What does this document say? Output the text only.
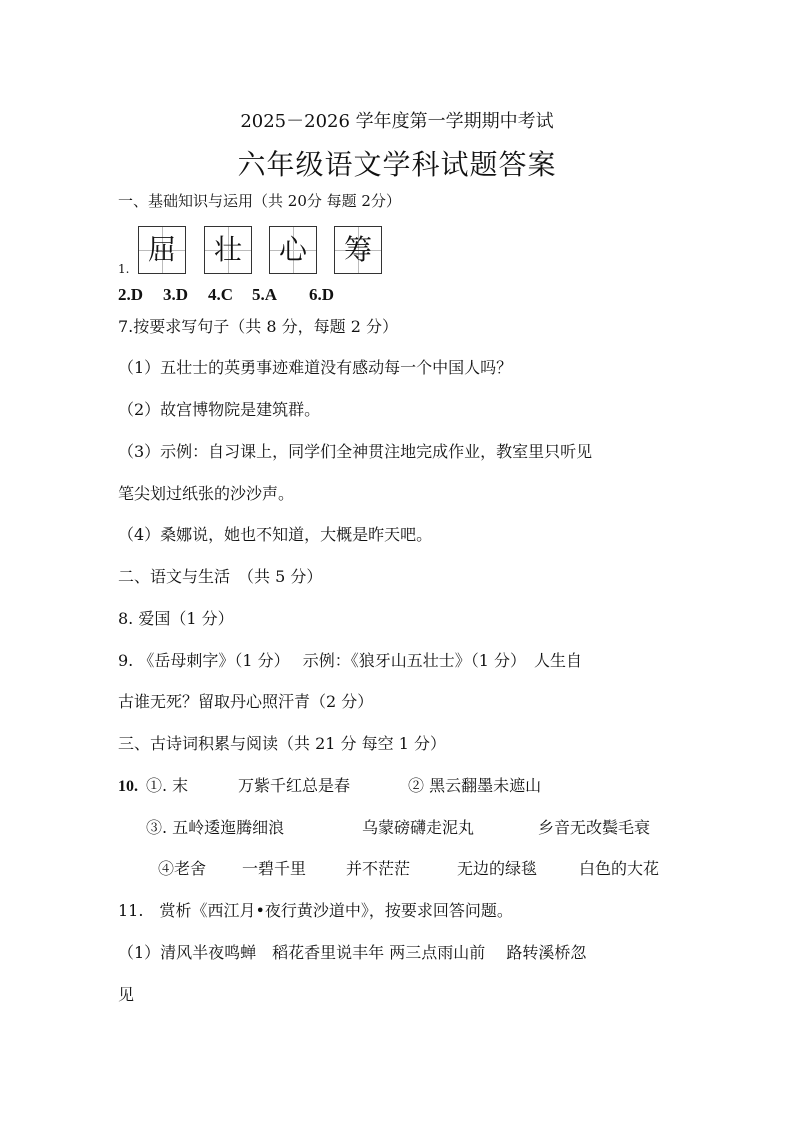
2025－2026 学年度第一学期期中考试
六年级语文学科试题答案
一、基础知识与运用（共 20分 每题 2分）
1.
屈 壮 心 筹
2.D 3.D 4.C 5.A 6.D
7.按要求写句子（共 8 分，每题 2 分）
（1）五壮士的英勇事迹难道没有感动每一个中国人吗？
（2）故宫博物院是建筑群。
（3）示例：自习课上，同学们全神贯注地完成作业，教室里只听见
笔尖划过纸张的沙沙声。
（4）桑娜说，她也不知道，大概是昨天吧。
二、语文与生活　（共 5 分）
8. 爱国（1 分）
9. 《岳母刺字》（1 分）　 示例：《狼牙山五壮士》（1 分）　人生自
古谁无死？留取丹心照汗青（2 分）
三、古诗词积累与阅读（共 21 分 每空 1 分）
10. ①. 末	万紫千红总是春	② 黑云翻墨未遮山
③. 五岭逶迤腾细浪	乌蒙磅礴走泥丸	乡音无改鬓毛衰
④老舍 一碧千里 并不茫茫	无边的绿毯	白色的大花
11.　赏析《西江月•夜行黄沙道中》，按要求回答问题。
（1）清风半夜鸣蝉　稻花香里说丰年 两三点雨山前　 路转溪桥忽
见
